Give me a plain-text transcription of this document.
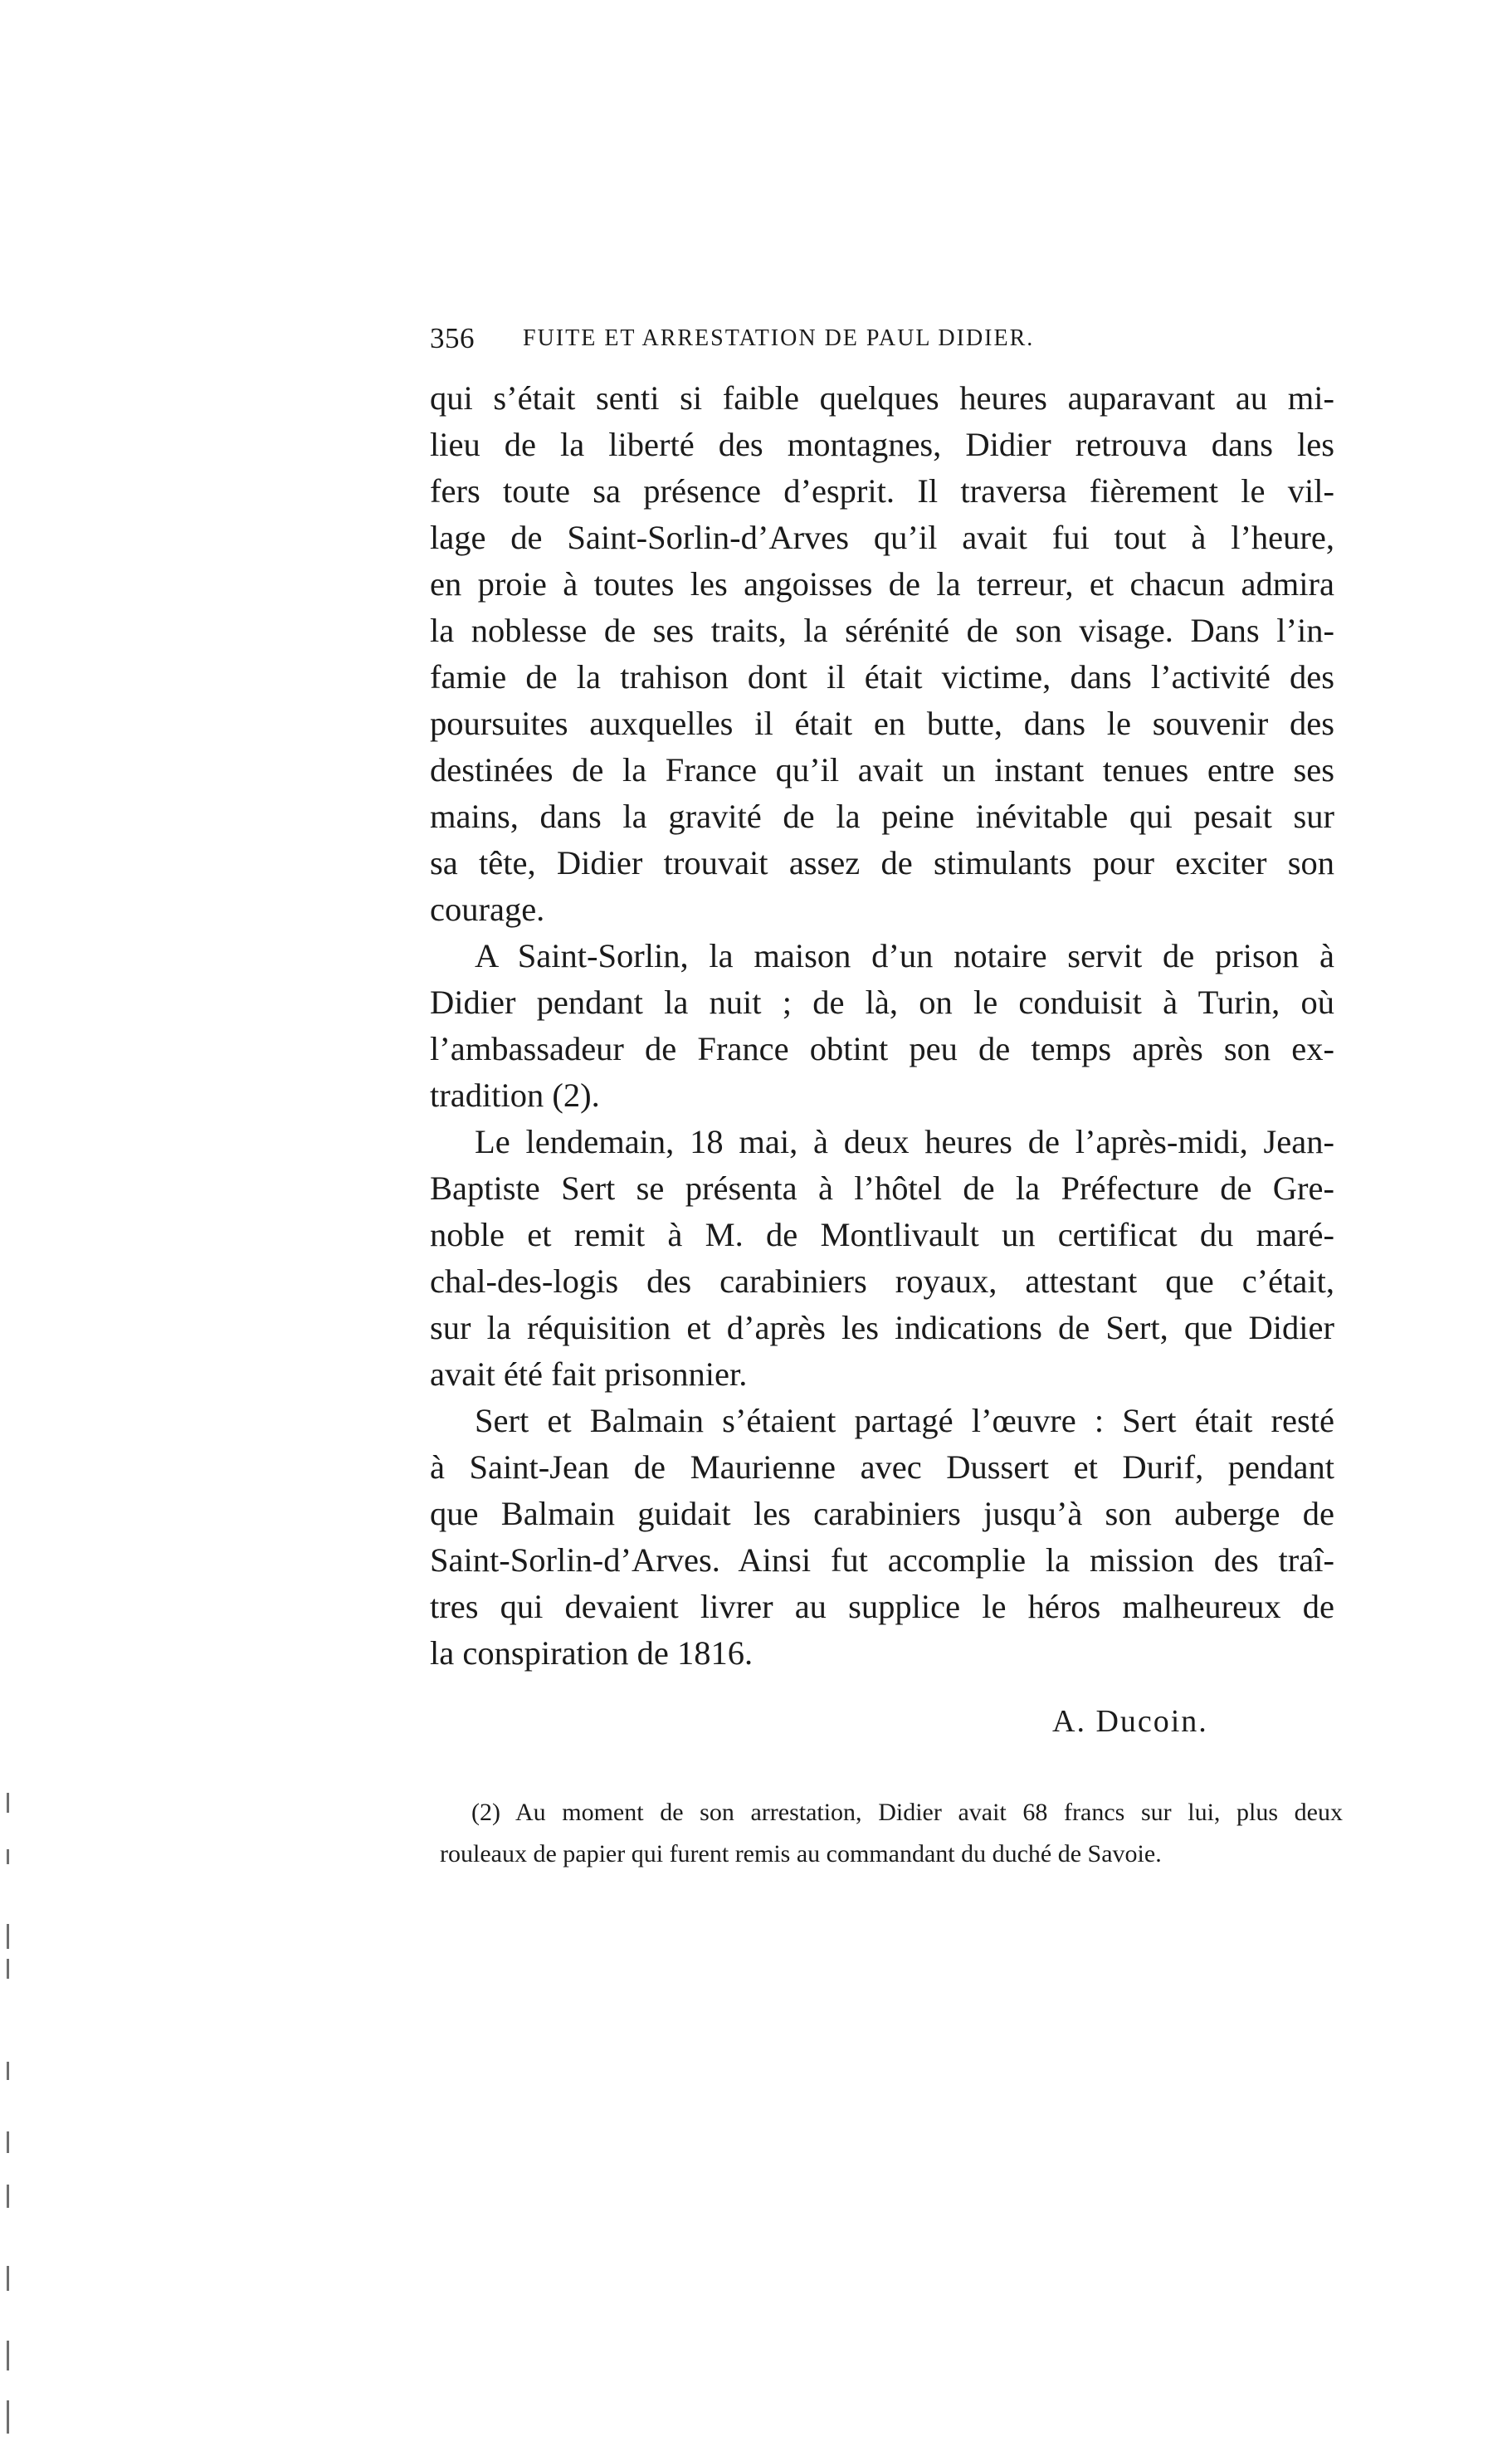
356 FUITE ET ARRESTATION DE PAUL DIDIER.
qui s’était senti si faible quelques heures auparavant au mi-
lieu de la liberté des montagnes, Didier retrouva dans les
fers toute sa présence d’esprit. Il traversa fièrement le vil-
lage de Saint-Sorlin-d’Arves qu’il avait fui tout à l’heure,
en proie à toutes les angoisses de la terreur, et chacun admira
la noblesse de ses traits, la sérénité de son visage. Dans l’in-
famie de la trahison dont il était victime, dans l’activité des
poursuites auxquelles il était en butte, dans le souvenir des
destinées de la France qu’il avait un instant tenues entre ses
mains, dans la gravité de la peine inévitable qui pesait sur
sa tête, Didier trouvait assez de stimulants pour exciter son
courage.
A Saint-Sorlin, la maison d’un notaire servit de prison à
Didier pendant la nuit ; de là, on le conduisit à Turin, où
l’ambassadeur de France obtint peu de temps après son ex-
tradition (2).
Le lendemain, 18 mai, à deux heures de l’après-midi, Jean-
Baptiste Sert se présenta à l’hôtel de la Préfecture de Gre-
noble et remit à M. de Montlivault un certificat du maré-
chal-des-logis des carabiniers royaux, attestant que c’était,
sur la réquisition et d’après les indications de Sert, que Didier
avait été fait prisonnier.
Sert et Balmain s’étaient partagé l’œuvre : Sert était resté
à Saint-Jean de Maurienne avec Dussert et Durif, pendant
que Balmain guidait les carabiniers jusqu’à son auberge de
Saint-Sorlin-d’Arves. Ainsi fut accomplie la mission des traî-
tres qui devaient livrer au supplice le héros malheureux de
la conspiration de 1816.
A. Ducoin.
(2) Au moment de son arrestation, Didier avait 68 francs sur lui, plus deux
rouleaux de papier qui furent remis au commandant du duché de Savoie.
